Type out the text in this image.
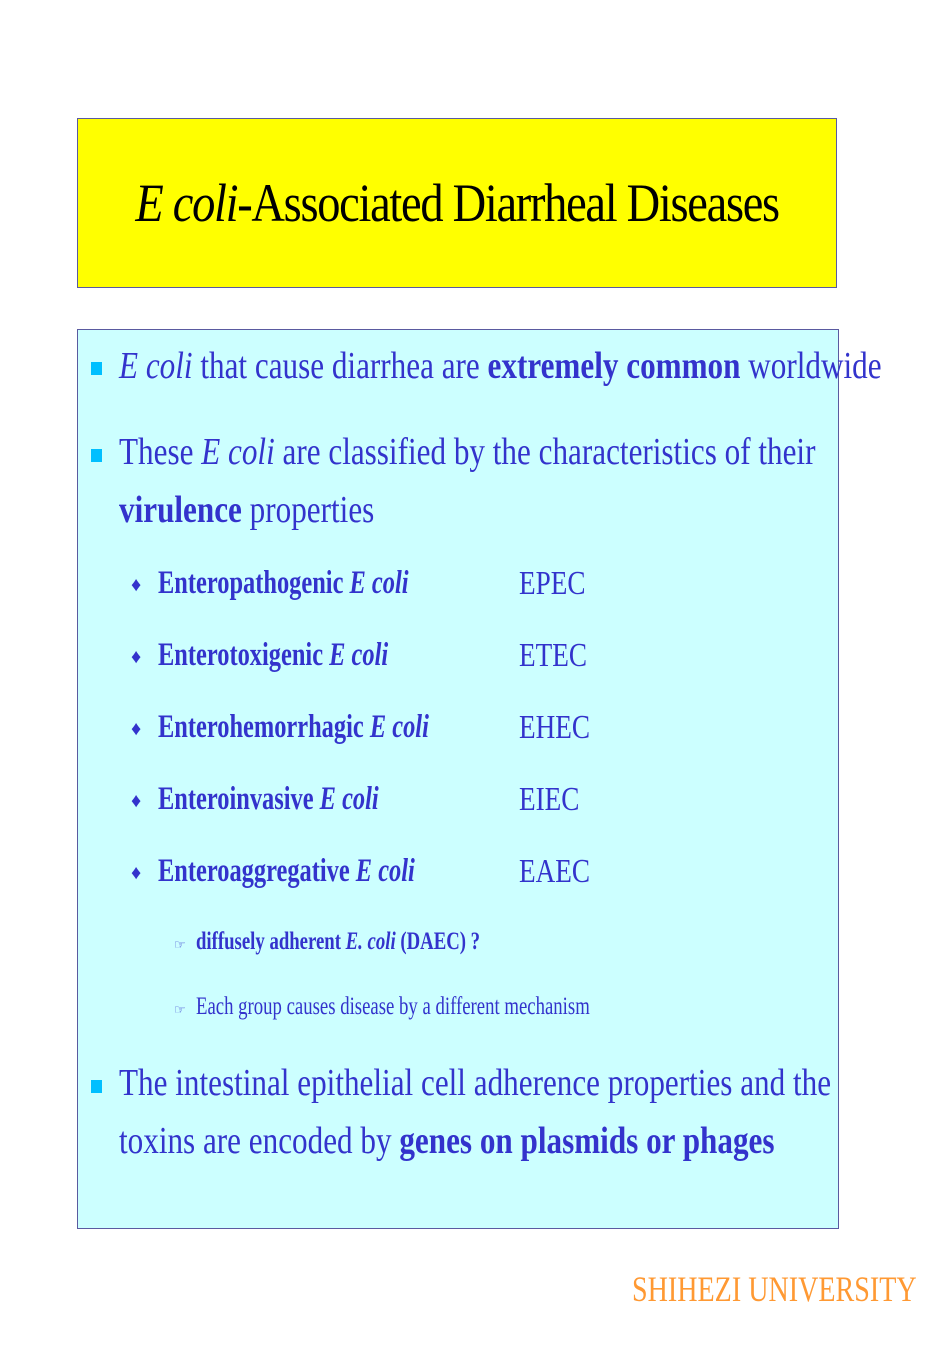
E coli-Associated Diarrheal Diseases
E coli that cause diarrhea are extremely common worldwide
These E coli are classified by the characteristics of their
virulence properties
♦ Enteropathogenic E coli	EPEC
♦ Enterotoxigenic E coli	ETEC
♦ Enterohemorrhagic E coli	EHEC
♦ Enteroinvasive E coli	EIEC
♦ Enteroaggregative E coli	EAEC
☞ diffusely adherent E. coli (DAEC) ?
☞ Each group causes disease by a different mechanism
The intestinal epithelial cell adherence properties and the
toxins are encoded by genes on plasmids or phages
SHIHEZI UNIVERSITY
